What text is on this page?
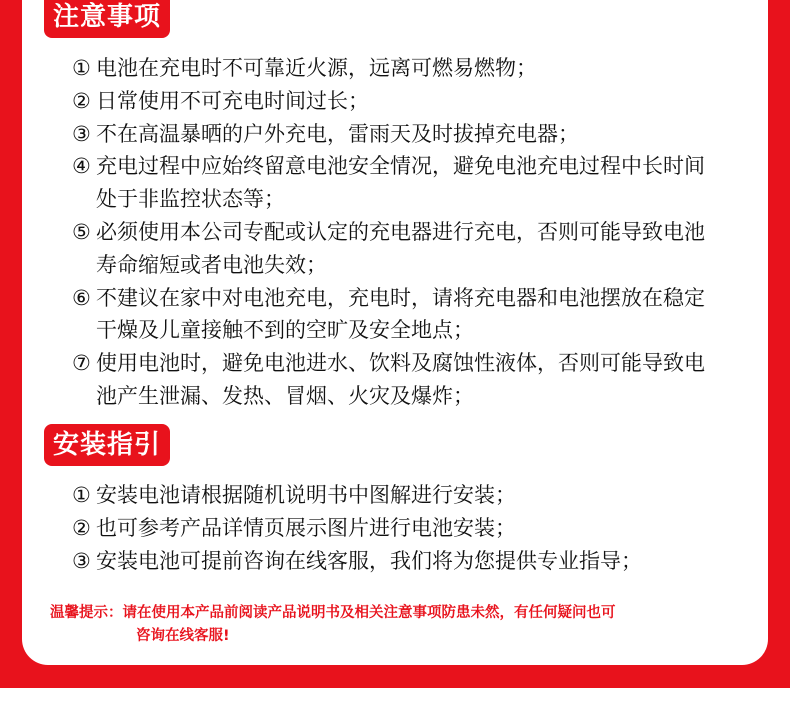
注意事项
① 电池在充电时不可靠近火源，远离可燃易燃物；
② 日常使用不可充电时间过长；
③ 不在高温暴晒的户外充电，雷雨天及时拔掉充电器；
④ 充电过程中应始终留意电池安全情况，避免电池充电过程中长时间处于非监控状态等；
⑤ 必须使用本公司专配或认定的充电器进行充电，否则可能导致电池寿命缩短或者电池失效；
⑥ 不建议在家中对电池充电，充电时，请将充电器和电池摆放在稳定干燥及儿童接触不到的空旷及安全地点；
⑦ 使用电池时，避免电池进水、饮料及腐蚀性液体，否则可能导致电池产生泄漏、发热、冒烟、火灾及爆炸；
安装指引
① 安装电池请根据随机说明书中图解进行安装；
② 也可参考产品详情页展示图片进行电池安装；
③ 安装电池可提前咨询在线客服，我们将为您提供专业指导；
温馨提示：请在使用本产品前阅读产品说明书及相关注意事项防患未然，有任何疑问也可
咨询在线客服!
